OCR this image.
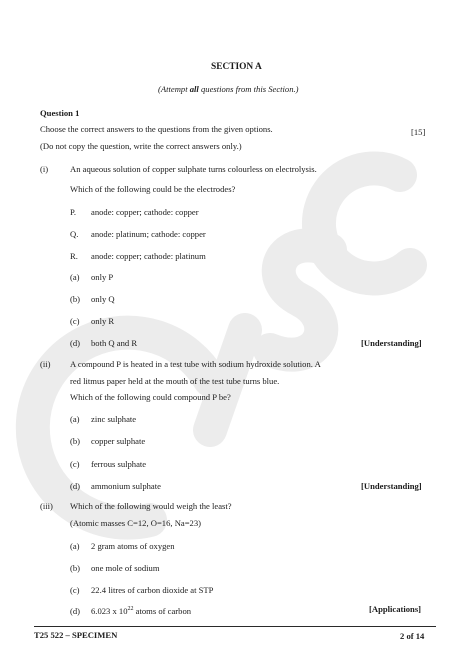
SECTION A
(Attempt all questions from this Section.)
Question 1
Choose the correct answers to the questions from the given options.	[15]
(Do not copy the question, write the correct answers only.)
(i)	An aqueous solution of copper sulphate turns colourless on electrolysis.
Which of the following could be the electrodes?
P. anode: copper; cathode: copper
Q. anode: platinum; cathode: copper
R. anode: copper; cathode: platinum
(a) only P
(b) only Q
(c) only R
(d) both Q and R	[Understanding]
(ii) A compound P is heated in a test tube with sodium hydroxide solution. A
red litmus paper held at the mouth of the test tube turns blue.
Which of the following could compound P be?
(a) zinc sulphate
(b) copper sulphate
(c) ferrous sulphate
(d) ammonium sulphate	[Understanding]
(iii) Which of the following would weigh the least?
(Atomic masses C=12, O=16, Na=23)
(a) 2 gram atoms of oxygen
(b) one mole of sodium
(c) 22.4 litres of carbon dioxide at STP
(d) 6.023 x $10^{22}$ atoms of carbon	[Applications]
T25 522 – SPECIMEN	2 of 14
